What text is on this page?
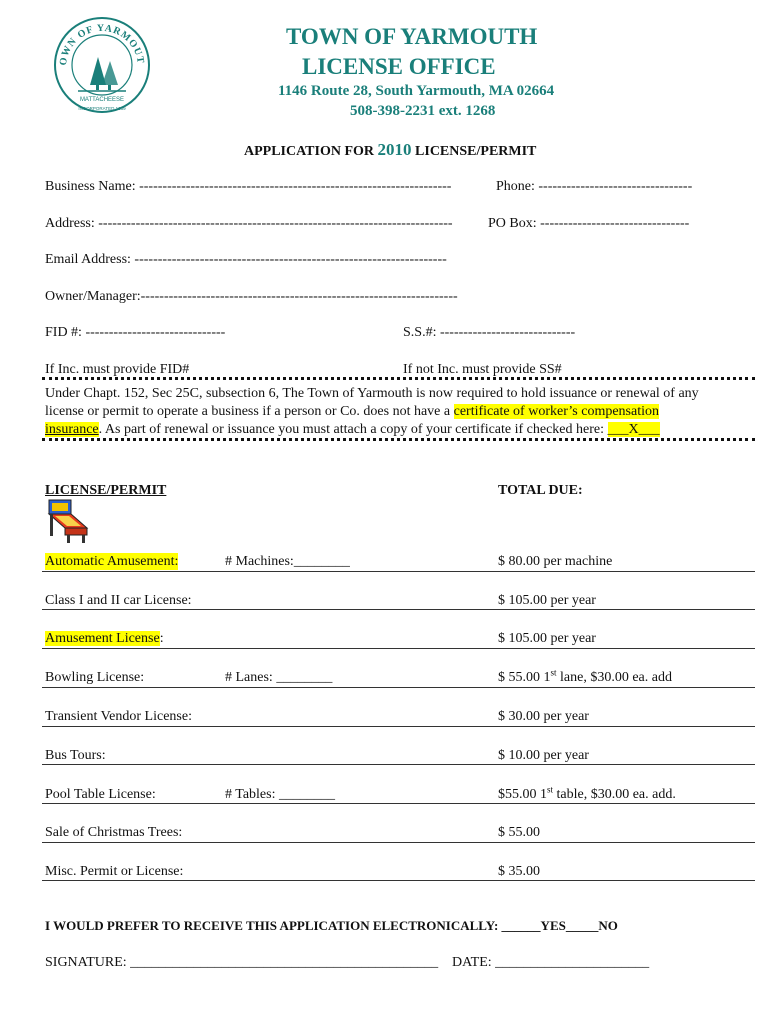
OWN OF YARMOUT
MATTACHEESE
INCORPORATED 1639
TOWN OF YARMOUTH
LICENSE OFFICE
1146 Route 28, South Yarmouth, MA 02664
508-398-2231 ext. 1268
APPLICATION FOR 2010 LICENSE/PERMIT
Business Name: -------------------------------------------------------------------	Phone: ---------------------------------
Address: ----------------------------------------------------------------------------	PO Box: --------------------------------
Email Address: -------------------------------------------------------------------
Owner/Manager:--------------------------------------------------------------------
FID #: ------------------------------	S.S.#: -----------------------------
If Inc. must provide FID#	If not Inc. must provide SS#
Under Chapt. 152, Sec 25C, subsection 6, The Town of Yarmouth is now required to hold issuance or renewal of any
license or permit to operate a business if a person or Co. does not have a certificate of worker’s compensation
insurance. As part of renewal or issuance you must attach a copy of your certificate if checked here: ___X___
LICENSE/PERMIT	TOTAL DUE:
Automatic Amusement:	# Machines:________	$ 80.00 per machine
Class I and II car License:	$ 105.00 per year
Amusement License:	$ 105.00 per year
Bowling License:	# Lanes: ________	$ 55.00 1st lane, $30.00 ea. add
Transient Vendor License:	$ 30.00 per year
Bus Tours:	$ 10.00 per year
Pool Table License:	# Tables: ________	$55.00 1st table, $30.00 ea. add.
Sale of Christmas Trees:	$ 55.00
Misc. Permit or License:	$ 35.00
I WOULD PREFER TO RECEIVE THIS APPLICATION ELECTRONICALLY: ______YES_____NO
SIGNATURE: ____________________________________________ DATE: ______________________
